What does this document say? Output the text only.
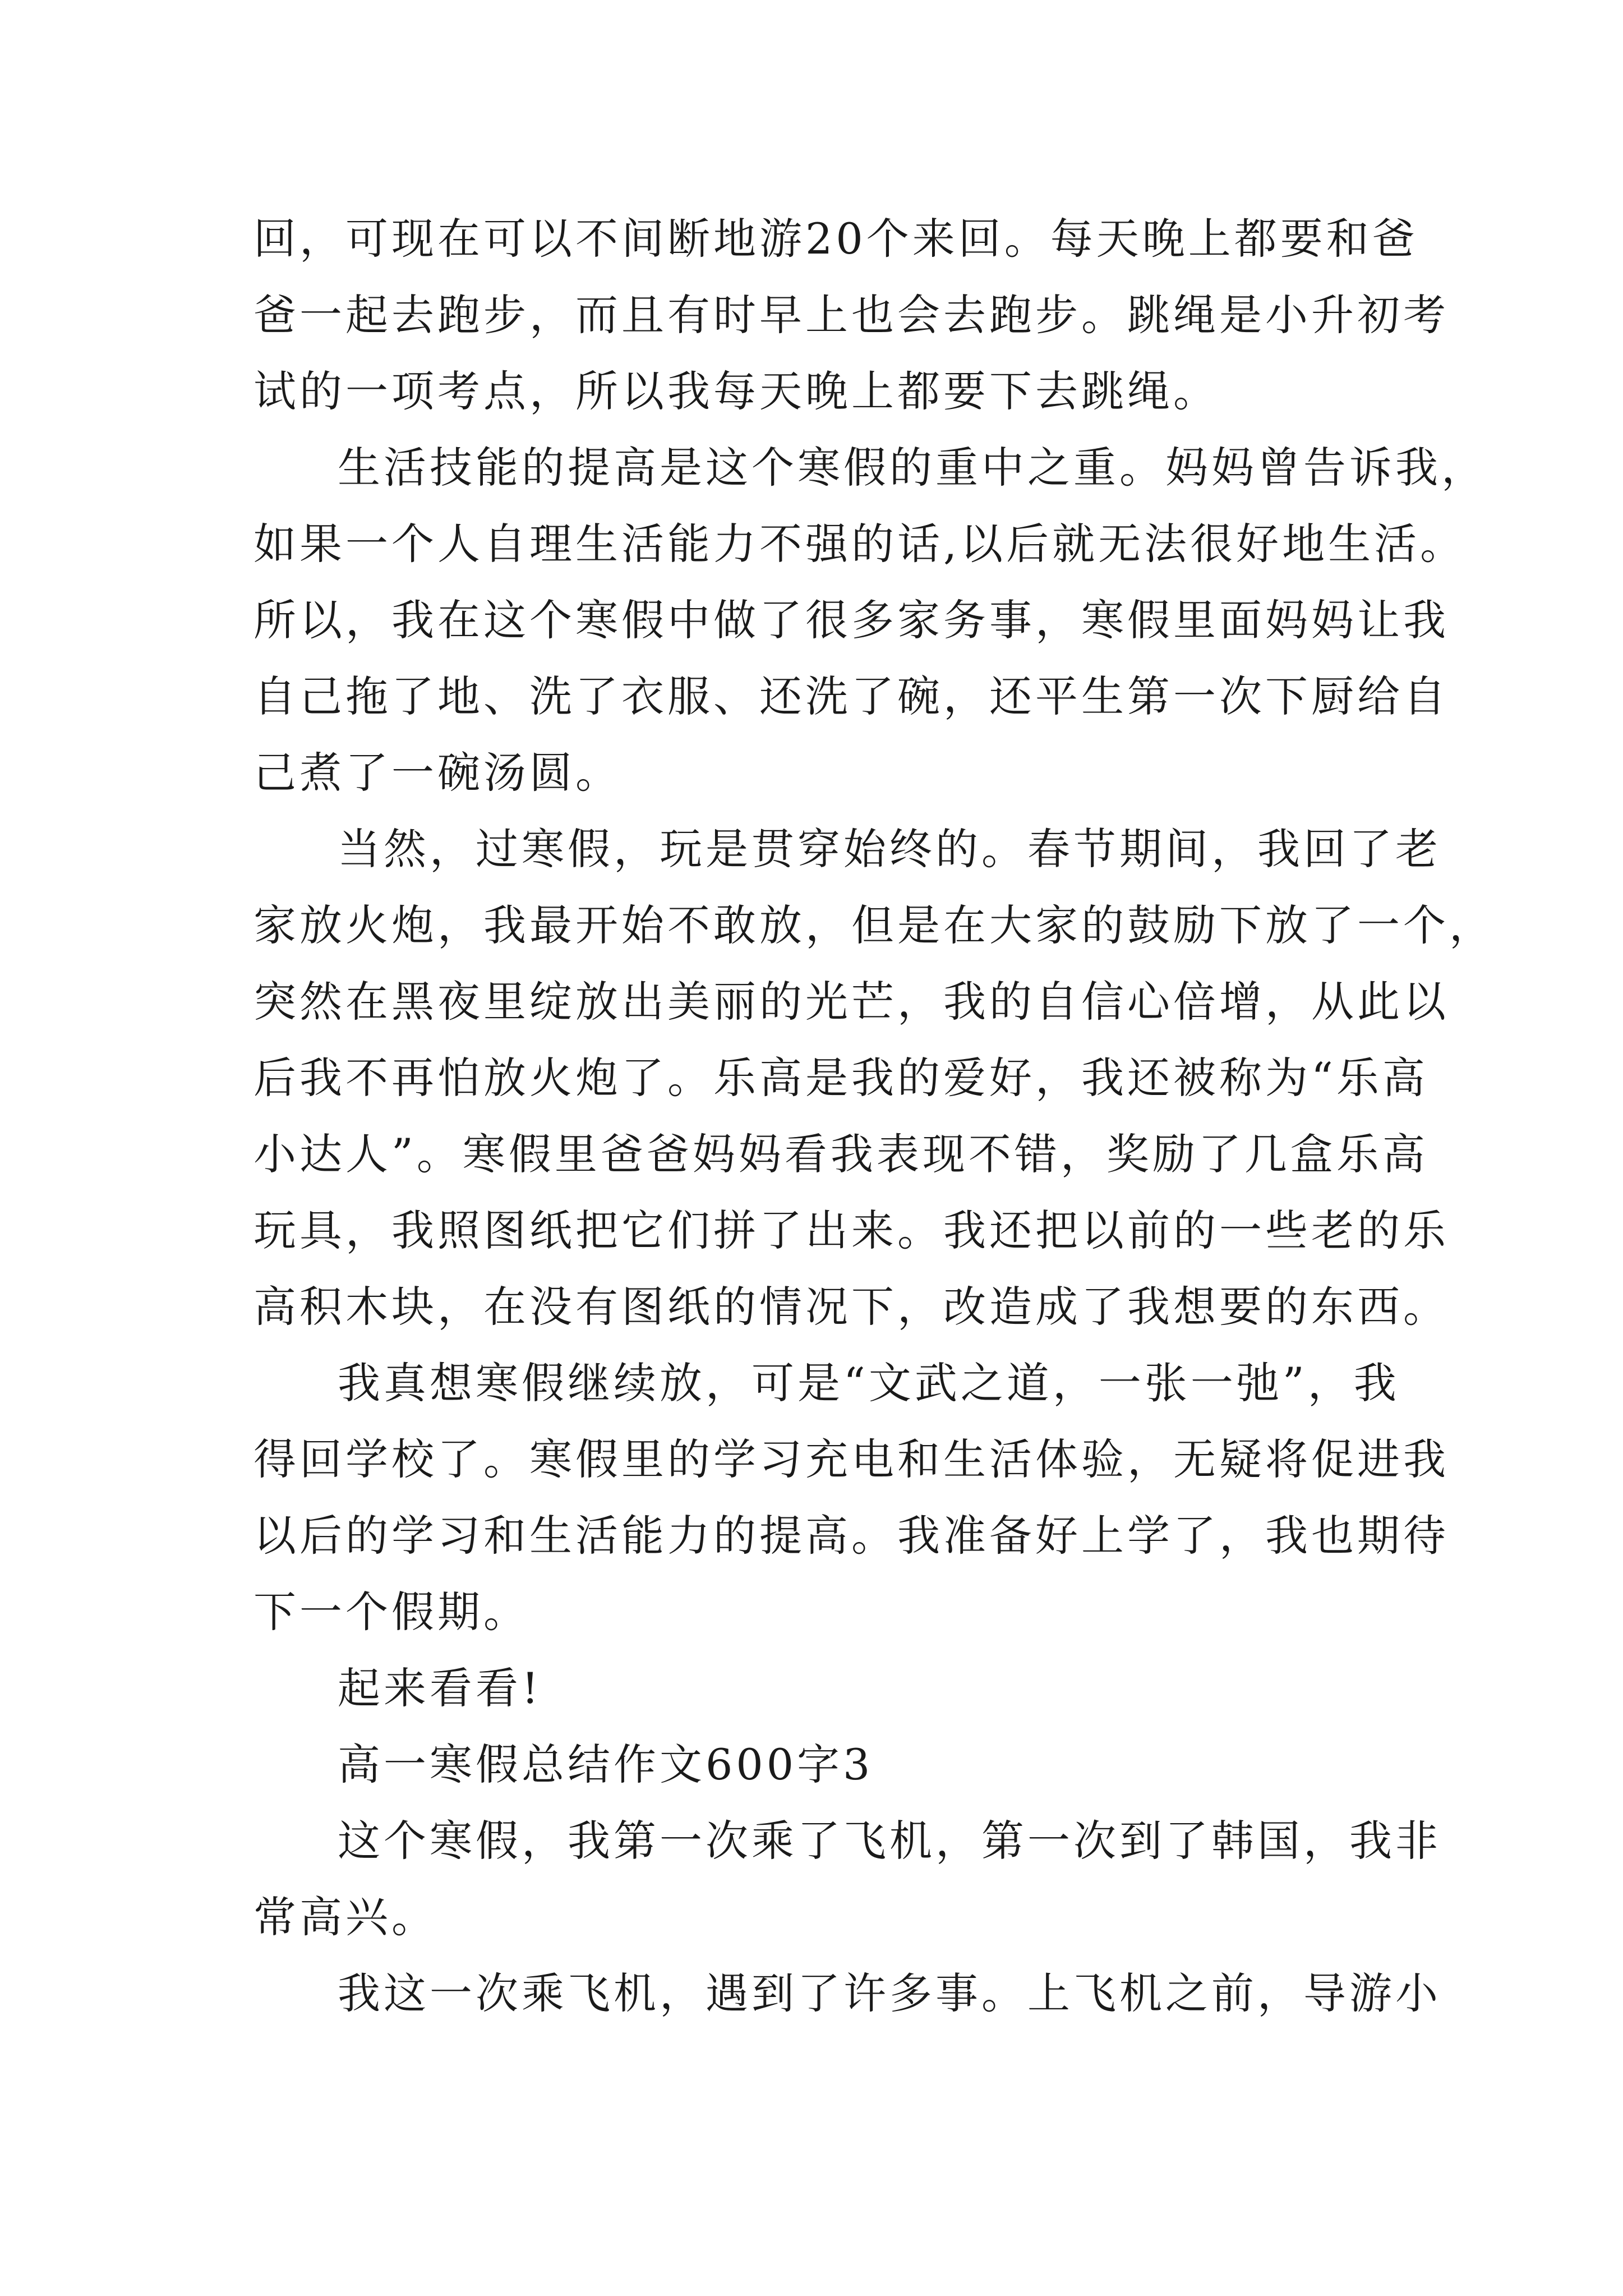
回，可现在可以不间断地游20个来回。每天晚上都要和爸
爸一起去跑步，而且有时早上也会去跑步。跳绳是小升初考
试的一项考点，所以我每天晚上都要下去跳绳。
生活技能的提高是这个寒假的重中之重。妈妈曾告诉我，
如果一个人自理生活能力不强的话,以后就无法很好地生活。
所以，我在这个寒假中做了很多家务事，寒假里面妈妈让我
自己拖了地、洗了衣服、还洗了碗，还平生第一次下厨给自
己煮了一碗汤圆。
当然，过寒假，玩是贯穿始终的。春节期间，我回了老
家放火炮，我最开始不敢放，但是在大家的鼓励下放了一个，
突然在黑夜里绽放出美丽的光芒，我的自信心倍增，从此以
后我不再怕放火炮了。乐高是我的爱好，我还被称为“乐高
小达人”。寒假里爸爸妈妈看我表现不错，奖励了几盒乐高
玩具，我照图纸把它们拼了出来。我还把以前的一些老的乐
高积木块，在没有图纸的情况下，改造成了我想要的东西。
我真想寒假继续放，可是“文武之道，一张一弛”，我
得回学校了。寒假里的学习充电和生活体验，无疑将促进我
以后的学习和生活能力的提高。我准备好上学了，我也期待
下一个假期。
起来看看!
高一寒假总结作文600字3
这个寒假，我第一次乘了飞机，第一次到了韩国，我非
常高兴。
我这一次乘飞机，遇到了许多事。上飞机之前，导游小
